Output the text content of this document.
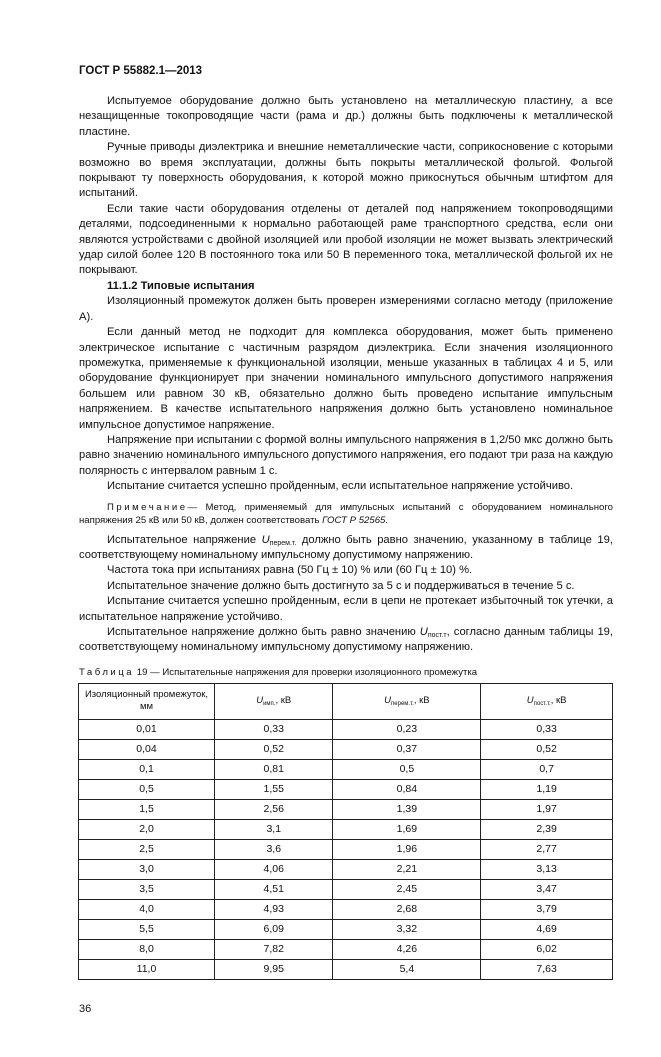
ГОСТ Р 55882.1—2013

Испытуемое оборудование должно быть установлено на металлическую пластину, а все незащищенные токопроводящие части (рама и др.) должны быть подключены к металлической пластине.

Ручные приводы диэлектрика и внешние неметаллические части, соприкосновение с которыми возможно во время эксплуатации, должны быть покрыты металлической фольгой. Фольгой покрывают ту поверхность оборудования, к которой можно прикоснуться обычным штифтом для испытаний.

Если такие части оборудования отделены от деталей под напряжением токопроводящими деталями, подсоединенными к нормально работающей раме транспортного средства, если они являются устройствами с двойной изоляцией или пробой изоляции не может вызвать электрический удар силой более 120 В постоянного тока или 50 В переменного тока, металлической фольгой их не покрывают.

11.1.2 Типовые испытания

Изоляционный промежуток должен быть проверен измерениями согласно методу (приложение А).

Если данный метод не подходит для комплекса оборудования, может быть применено электрическое испытание с частичным разрядом диэлектрика. Если значения изоляционного промежутка, применяемые к функциональной изоляции, меньше указанных в таблицах 4 и 5, или оборудование функционирует при значении номинального импульсного допустимого напряжения большем или равном 30 кВ, обязательно должно быть проведено испытание импульсным напряжением. В качестве испытательного напряжения должно быть установлено номинальное импульсное допустимое напряжение.

Напряжение при испытании с формой волны импульсного напряжения в 1,2/50 мкс должно быть равно значению номинального импульсного допустимого напряжения, его подают три раза на каждую полярность с интервалом равным 1 с.

Испытание считается успешно пройденным, если испытательное напряжение устойчиво.

Примечание— Метод, применяемый для импульсных испытаний с оборудованием номинального напряжения 25 кВ или 50 кВ, должен соответствовать ГОСТ Р 52565.

Испытательное напряжение $U_{перем.т.}$ должно быть равно значению, указанному в таблице 19, соответствующему номинальному импульсному допустимому напряжению.

Частота тока при испытаниях равна (50 Гц ± 10) % или (60 Гц ± 10) %.

Испытательное значение должно быть достигнуто за 5 с и поддерживаться в течение 5 с.

Испытание считается успешно пройденным, если в цепи не протекает избыточный ток утечки, а испытательное напряжение устойчиво.

Испытательное напряжение должно быть равно значению $U_{пост.т}$, согласно данным таблицы 19, соответствующему номинальному импульсному допустимому напряжению.

Таблица 19 — Испытательные напряжения для проверки изоляционного промежутка
Изоляционный промежуток, мм	$U_{имп.}$, кВ	$U_{перем.т.}$, кВ	$U_{пост.т.}$, кВ
0,01	0,33	0,23	0,33
0,04	0,52	0,37	0,52
0,1	0,81	0,5	0,7
0,5	1,55	0,84	1,19
1,5	2,56	1,39	1,97
2,0	3,1	1,69	2,39
2,5	3,6	1,96	2,77
3,0	4,06	2,21	3,13
3,5	4,51	2,45	3,47
4,0	4,93	2,68	3,79
5,5	6,09	3,32	4,69
8,0	7,82	4,26	6,02
11,0	9,95	5,4	7,63
36
